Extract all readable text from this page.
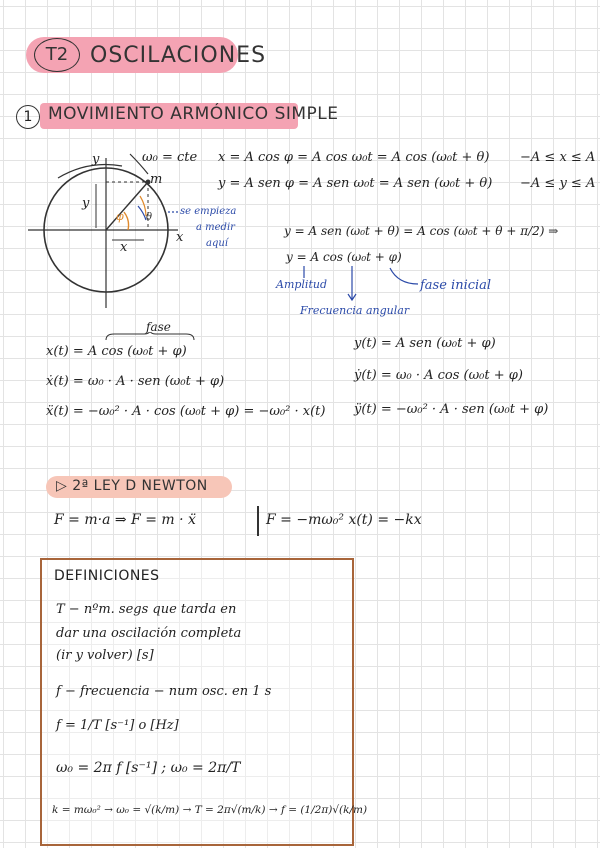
T2 OSCILACIONES
1 MOVIMIENTO ARMÓNICO SIMPLE
y
x
m
ω₀ = cte
y
x
φ θ
se empieza
a medir
aquí
x = A cos φ = A cos ω₀t = A cos (ω₀t + θ) −A ≤ x ≤ A
y = A sen φ = A sen ω₀t = A sen (ω₀t + θ) −A ≤ y ≤ A
y = A sen (ω₀t + θ) = A cos (ω₀t + θ + π/2) ⇒
y = A cos (ω₀t + φ)
Amplitud	fase inicial
Frecuencia angular
fase
x(t) = A cos (ω₀t + φ)
ẋ(t) = ω₀ · A · sen (ω₀t + φ)
ẍ(t) = −ω₀² · A · cos (ω₀t + φ) = −ω₀² · x(t)
y(t) = A sen (ω₀t + φ)
ẏ(t) = ω₀ · A cos (ω₀t + φ)
ÿ(t) = −ω₀² · A · sen (ω₀t + φ)
▷ 2ª LEY D NEWTON
F = m·a ⇒ F = m · ẍ	F = −mω₀² x(t) = −kx
DEFINICIONES
T − nºm. segs que tarda en
dar una oscilación completa
(ir y volver) [s]
f − frecuencia − num osc. en 1 s
f = 1/T [s⁻¹] o [Hz]
ω₀ = 2π f [s⁻¹] ; ω₀ = 2π/T
k = mω₀² → ω₀ = √(k/m) → T = 2π√(m/k) → f = (1/2π)√(k/m)
